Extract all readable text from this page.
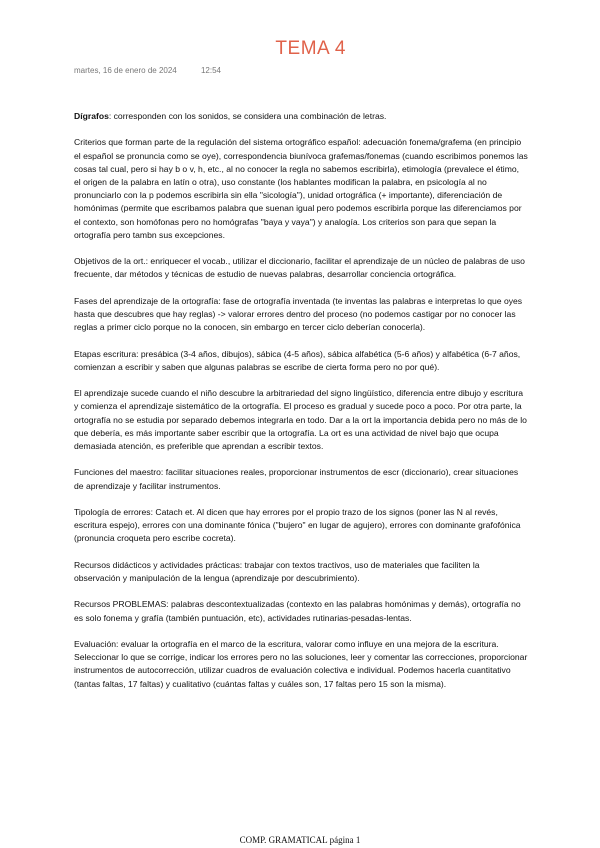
TEMA 4
martes, 16 de enero de 2024	12:54

Dígrafos: corresponden con los sonidos, se considera una combinación de letras.

Criterios que forman parte de la regulación del sistema ortográfico español: adecuación fonema/grafema (en principio el español se pronuncia como se oye), correspondencia biunívoca grafemas/fonemas (cuando escribimos ponemos las cosas tal cual, pero si hay b o v, h, etc., al no conocer la regla no sabemos escribirla), etimología (prevalece el étimo, el origen de la palabra en latín o otra), uso constante (los hablantes modifican la palabra, en psicología al no pronunciarlo con la p podemos escribirla sin ella "sicología"), unidad ortográfica (+ importante), diferenciación de homónimas (permite que escribamos palabra que suenan igual pero podemos escribirla porque las diferenciamos por el contexto, son homófonas pero no homógrafas "baya y vaya") y analogía. Los criterios son para que sepan la ortografía pero tambn sus excepciones.

Objetivos de la ort.: enriquecer el vocab., utilizar el diccionario, facilitar el aprendizaje de un núcleo de palabras de uso frecuente, dar métodos y técnicas de estudio de nuevas palabras, desarrollar conciencia ortográfica.

Fases del aprendizaje de la ortografía: fase de ortografía inventada (te inventas las palabras e interpretas lo que oyes hasta que descubres que hay reglas) -> valorar errores dentro del proceso (no podemos castigar por no conocer las reglas a primer ciclo porque no la conocen, sin embargo en tercer ciclo deberían conocerla).

Etapas escritura: presábica (3-4 años, dibujos), sábica (4-5 años), sábica alfabética (5-6 años) y alfabética (6-7 años, comienzan a escribir y saben que algunas palabras se escribe de cierta forma pero no por qué).

El aprendizaje sucede cuando el niño descubre la arbitrariedad del signo lingüístico, diferencia entre dibujo y escritura y comienza el aprendizaje sistemático de la ortografía. El proceso es gradual y sucede poco a poco. Por otra parte, la ortografía no se estudia por separado debemos integrarla en todo. Dar a la ort la importancia debida pero no más de lo que debería, es más importante saber escribir que la ortografía. La ort es una actividad de nivel bajo que ocupa demasiada atención, es preferible que aprendan a escribir textos.

Funciones del maestro: facilitar situaciones reales, proporcionar instrumentos de escr (diccionario), crear situaciones de aprendizaje y facilitar instrumentos.

Tipología de errores: Catach et. Al dicen que hay errores por el propio trazo de los signos (poner las N al revés, escritura espejo), errores con una dominante fónica ("bujero" en lugar de agujero), errores con dominante grafofónica (pronuncia croqueta pero escribe cocreta).

Recursos didácticos y actividades prácticas: trabajar con textos tractivos, uso de materiales que faciliten la observación y manipulación de la lengua (aprendizaje por descubrimiento).

Recursos PROBLEMAS: palabras descontextualizadas (contexto en las palabras homónimas y demás), ortografía no es solo fonema y grafía (también puntuación, etc), actividades rutinarias-pesadas-lentas.

Evaluación: evaluar la ortografía en el marco de la escritura, valorar como influye en una mejora de la escritura. Seleccionar lo que se corrige, indicar los errores pero no las soluciones, leer y comentar las correcciones, proporcionar instrumentos de autocorrección, utilizar cuadros de evaluación colectiva e individual. Podemos hacerla cuantitativo (tantas faltas, 17 faltas) y cualitativo (cuántas faltas y cuáles son, 17 faltas pero 15 son la misma).

COMP. GRAMATICAL página 1
